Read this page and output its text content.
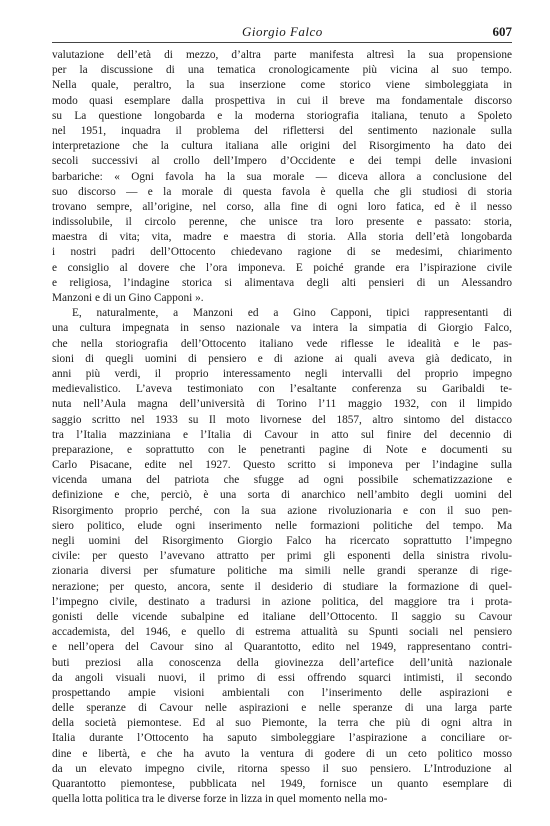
Giorgio Falco	607
valutazione dell’età di mezzo, d’altra parte manifesta altresì la sua propensione
per la discussione di una tematica cronologicamente più vicina al suo tempo.
Nella quale, peraltro, la sua inserzione come storico viene simboleggiata in
modo quasi esemplare dalla prospettiva in cui il breve ma fondamentale discorso
su La questione longobarda e la moderna storiografia italiana, tenuto a Spoleto
nel 1951, inquadra il problema del riflettersi del sentimento nazionale sulla
interpretazione che la cultura italiana alle origini del Risorgimento ha dato dei
secoli successivi al crollo dell’Impero d’Occidente e dei tempi delle invasioni
barbariche: « Ogni favola ha la sua morale — diceva allora a conclusione del
suo discorso — e la morale di questa favola è quella che gli studiosi di storia
trovano sempre, all’origine, nel corso, alla fine di ogni loro fatica, ed è il nesso
indissolubile, il circolo perenne, che unisce tra loro presente e passato: storia,
maestra di vita; vita, madre e maestra di storia. Alla storia dell’età longobarda
i nostri padri dell’Ottocento chiedevano ragione di se medesimi, chiarimento
e consiglio al dovere che l’ora imponeva. E poiché grande era l’ispirazione civile
e religiosa, l’indagine storica si alimentava degli alti pensieri di un Alessandro
Manzoni e di un Gino Capponi ».
E, naturalmente, a Manzoni ed a Gino Capponi, tipici rappresentanti di
una cultura impegnata in senso nazionale va intera la simpatia di Giorgio Falco,
che nella storiografia dell’Ottocento italiano vede riflesse le idealità e le pas-
sioni di quegli uomini di pensiero e di azione ai quali aveva già dedicato, in
anni più verdi, il proprio interessamento negli intervalli del proprio impegno
medievalistico. L’aveva testimoniato con l’esaltante conferenza su Garibaldi te-
nuta nell’Aula magna dell’università di Torino l’11 maggio 1932, con il limpido
saggio scritto nel 1933 su Il moto livornese del 1857, altro sintomo del distacco
tra l’Italia mazziniana e l’Italia di Cavour in atto sul finire del decennio di
preparazione, e soprattutto con le penetranti pagine di Note e documenti su
Carlo Pisacane, edite nel 1927. Questo scritto si imponeva per l’indagine sulla
vicenda umana del patriota che sfugge ad ogni possibile schematizzazione e
definizione e che, perciò, è una sorta di anarchico nell’ambito degli uomini del
Risorgimento proprio perché, con la sua azione rivoluzionaria e con il suo pen-
siero politico, elude ogni inserimento nelle formazioni politiche del tempo. Ma
negli uomini del Risorgimento Giorgio Falco ha ricercato soprattutto l’impegno
civile: per questo l’avevano attratto per primi gli esponenti della sinistra rivolu-
zionaria diversi per sfumature politiche ma simili nelle grandi speranze di rige-
nerazione; per questo, ancora, sente il desiderio di studiare la formazione di quel-
l’impegno civile, destinato a tradursi in azione politica, del maggiore tra i prota-
gonisti delle vicende subalpine ed italiane dell’Ottocento. Il saggio su Cavour
accademista, del 1946, e quello di estrema attualità su Spunti sociali nel pensiero
e nell’opera del Cavour sino al Quarantotto, edito nel 1949, rappresentano contri-
buti preziosi alla conoscenza della giovinezza dell’artefice dell’unità nazionale
da angoli visuali nuovi, il primo di essi offrendo squarci intimisti, il secondo
prospettando ampie visioni ambientali con l’inserimento delle aspirazioni e
delle speranze di Cavour nelle aspirazioni e nelle speranze di una larga parte
della società piemontese. Ed al suo Piemonte, la terra che più di ogni altra in
Italia durante l’Ottocento ha saputo simboleggiare l’aspirazione a conciliare or-
dine e libertà, e che ha avuto la ventura di godere di un ceto politico mosso
da un elevato impegno civile, ritorna spesso il suo pensiero. L’Introduzione al
Quarantotto piemontese, pubblicata nel 1949, fornisce un quanto esemplare di
quella lotta politica tra le diverse forze in lizza in quel momento nella mo-
